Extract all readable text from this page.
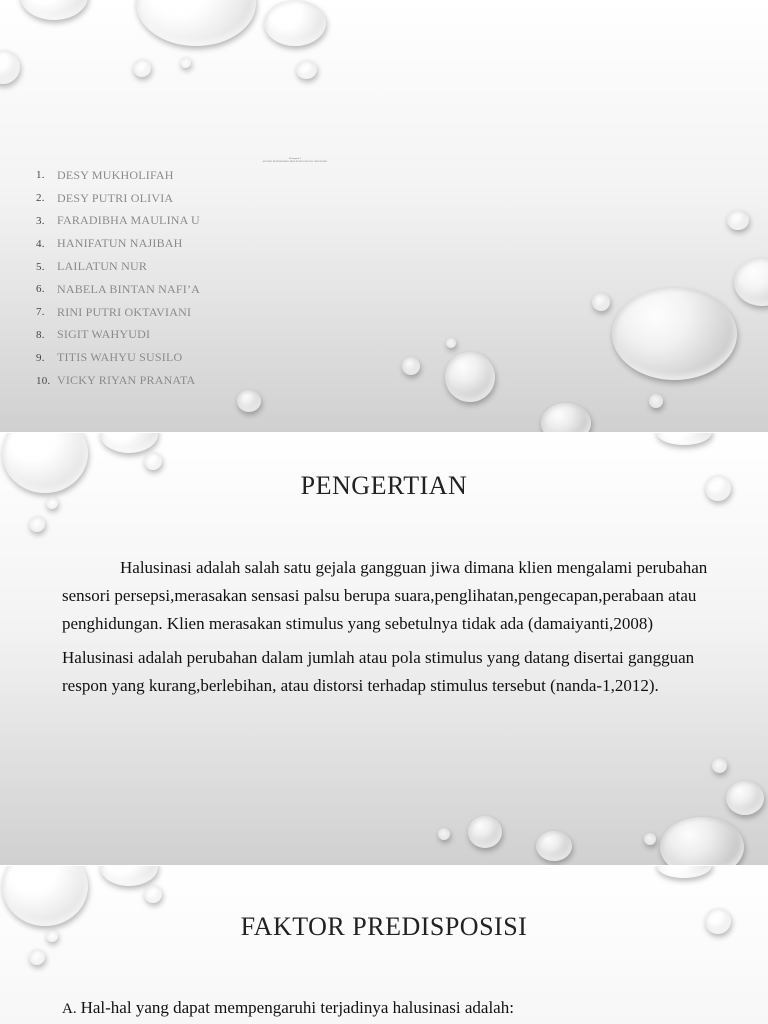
Kelompok 2
ASUHAN KEPERAWATAN PADA KLIEN DENGAN HALUSINASI
1.	DESY MUKHOLIFAH
2.	DESY PUTRI OLIVIA
3.	FARADIBHA MAULINA U
4.	HANIFATUN NAJIBAH
5.	LAILATUN NUR
6.	NABELA BINTAN NAFI’A
7.	RINI PUTRI OKTAVIANI
8.	SIGIT WAHYUDI
9.	TITIS WAHYU SUSILO
10. VICKY RIYAN PRANATA
PENGERTIAN

Halusinasi adalah salah satu gejala gangguan jiwa dimana klien mengalami perubahan sensori persepsi,merasakan sensasi palsu berupa suara,penglihatan,pengecapan,perabaan atau penghidungan. Klien merasakan stimulus yang sebetulnya tidak ada (damaiyanti,2008)

Halusinasi adalah perubahan dalam jumlah atau pola stimulus yang datang disertai gangguan respon yang kurang,berlebihan, atau distorsi terhadap stimulus tersebut (nanda-1,2012).

FAKTOR PREDISPOSISI
A. Hal-hal yang dapat mempengaruhi terjadinya halusinasi adalah:
